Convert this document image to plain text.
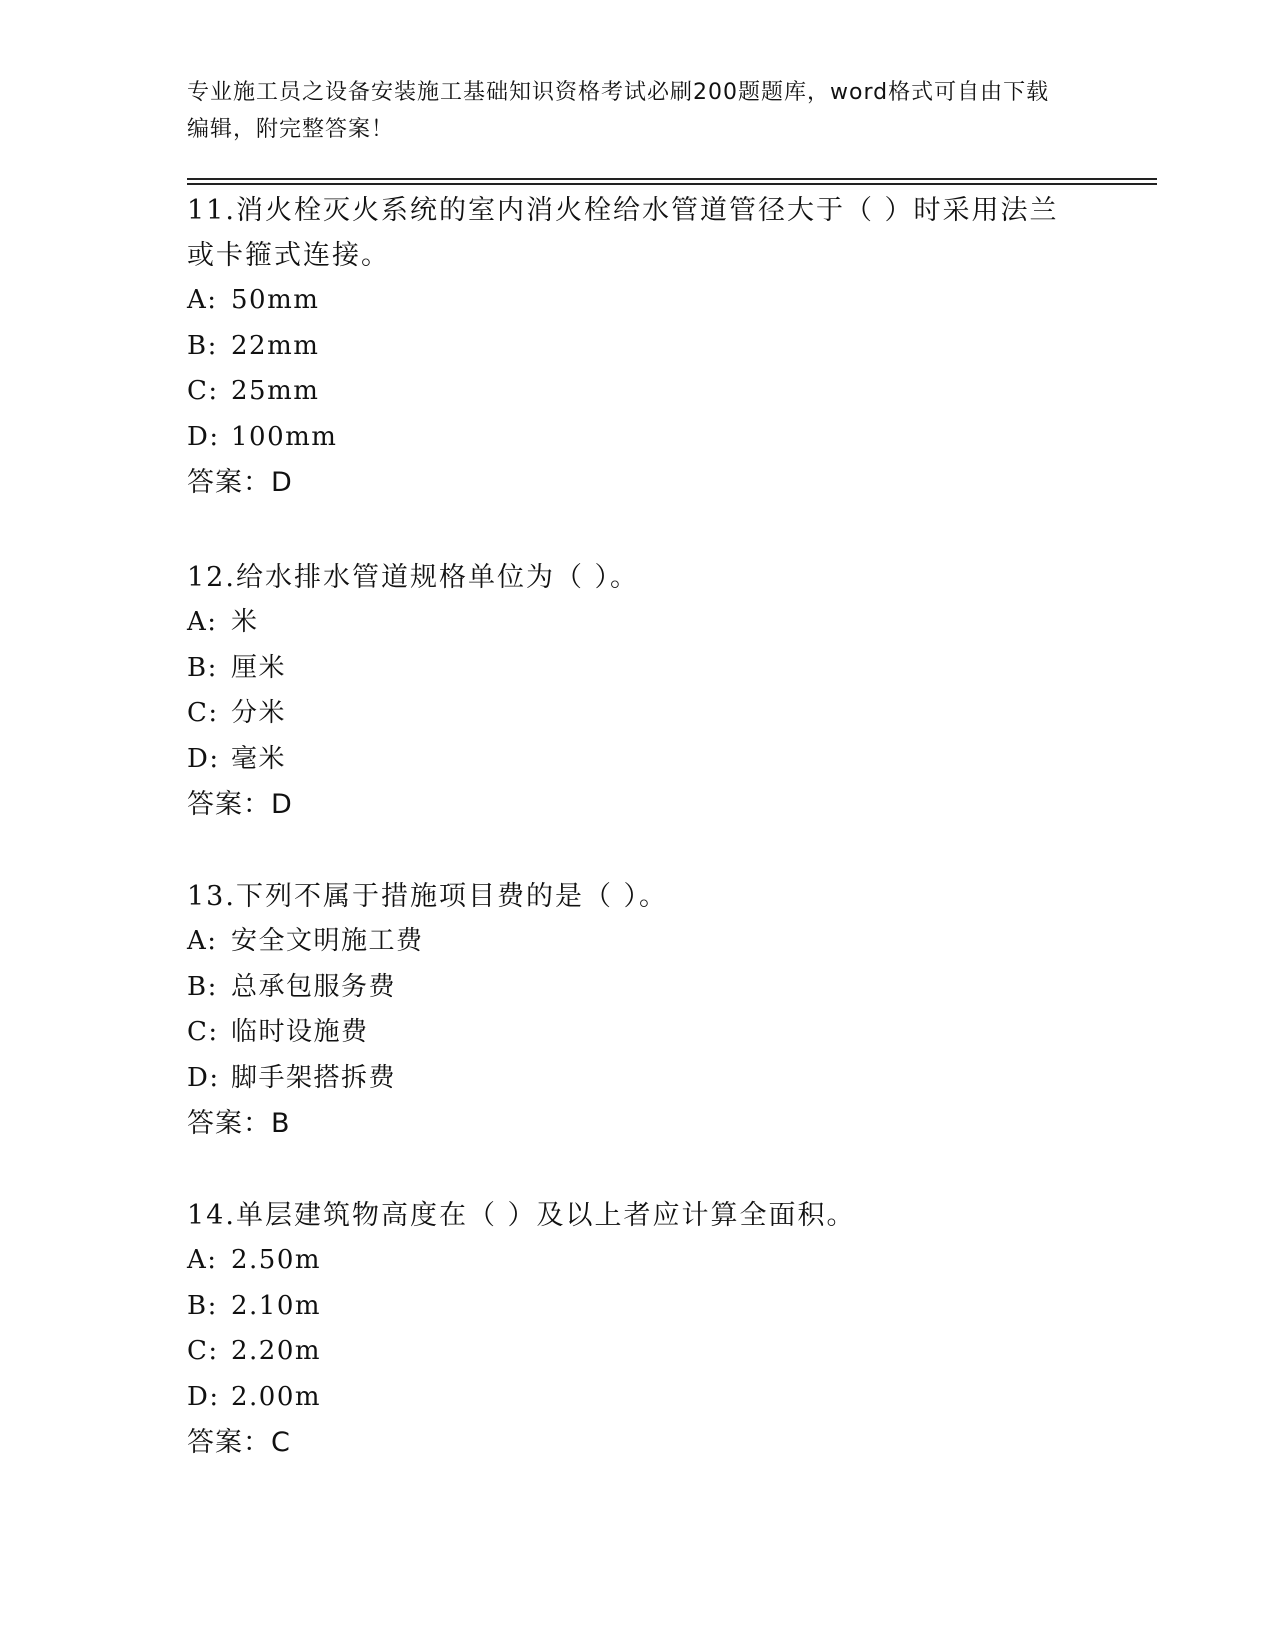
专业施工员之设备安装施工基础知识资格考试必刷200题题库，word格式可自由下载编辑，附完整答案！

11.消火栓灭火系统的室内消火栓给水管道管径大于（ ）时采用法兰或卡箍式连接。

A: 50mm

B: 22mm

C: 25mm

D: 100mm

答案：D

12.给水排水管道规格单位为（ ）。

A: 米

B: 厘米

C: 分米

D: 毫米

答案：D

13.下列不属于措施项目费的是（ ）。

A: 安全文明施工费

B: 总承包服务费

C: 临时设施费

D: 脚手架搭拆费

答案：B

14.单层建筑物高度在（ ）及以上者应计算全面积。

A: 2.50m

B: 2.10m

C: 2.20m

D: 2.00m

答案：C
